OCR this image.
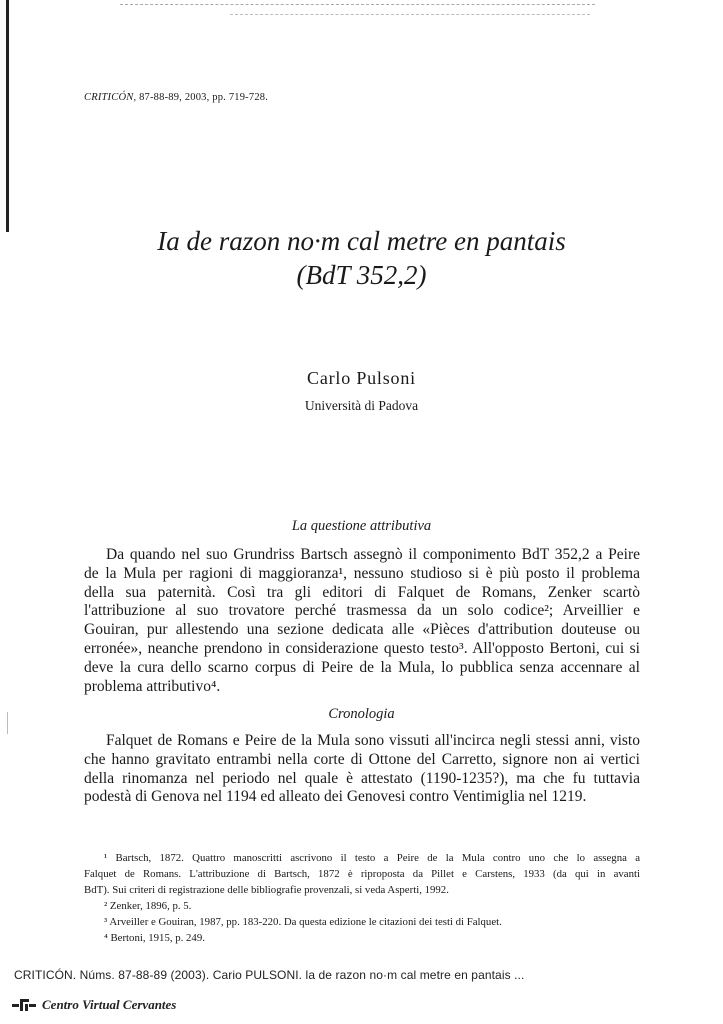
CRITICÓN, 87-88-89, 2003, pp. 719-728.
Ia de razon no·m cal metre en pantais
(BdT 352,2)
Carlo Pulsoni
Università di Padova
La questione attributiva
Da quando nel suo Grundriss Bartsch assegnò il componimento BdT 352,2 a Peire
de la Mula per ragioni di maggioranza¹, nessuno studioso si è più posto il problema
della sua paternità. Così tra gli editori di Falquet de Romans, Zenker scartò
l'attribuzione al suo trovatore perché trasmessa da un solo codice²; Arveillier e
Gouiran, pur allestendo una sezione dedicata alle «Pièces d'attribution douteuse ou
erronée», neanche prendono in considerazione questo testo³. All'opposto Bertoni, cui si
deve la cura dello scarno corpus di Peire de la Mula, lo pubblica senza accennare al
problema attributivo⁴.
Cronologia
Falquet de Romans e Peire de la Mula sono vissuti all'incirca negli stessi anni, visto
che hanno gravitato entrambi nella corte di Ottone del Carretto, signore non ai vertici
della rinomanza nel periodo nel quale è attestato (1190-1235?), ma che fu tuttavia
podestà di Genova nel 1194 ed alleato dei Genovesi contro Ventimiglia nel 1219.
¹ Bartsch, 1872. Quattro manoscritti ascrivono il testo a Peire de la Mula contro uno che lo assegna a
Falquet de Romans. L'attribuzione di Bartsch, 1872 è riproposta da Pillet e Carstens, 1933 (da qui in avanti
BdT). Sui criteri di registrazione delle bibliografie provenzali, si veda Asperti, 1992.
² Zenker, 1896, p. 5.
³ Arveiller e Gouiran, 1987, pp. 183-220. Da questa edizione le citazioni dei testi di Falquet.
⁴ Bertoni, 1915, p. 249.
CRITICÓN. Núms. 87-88-89 (2003). Cario PULSONI. la de razon no·m cal metre en pantais ...
Centro Virtual Cervantes
